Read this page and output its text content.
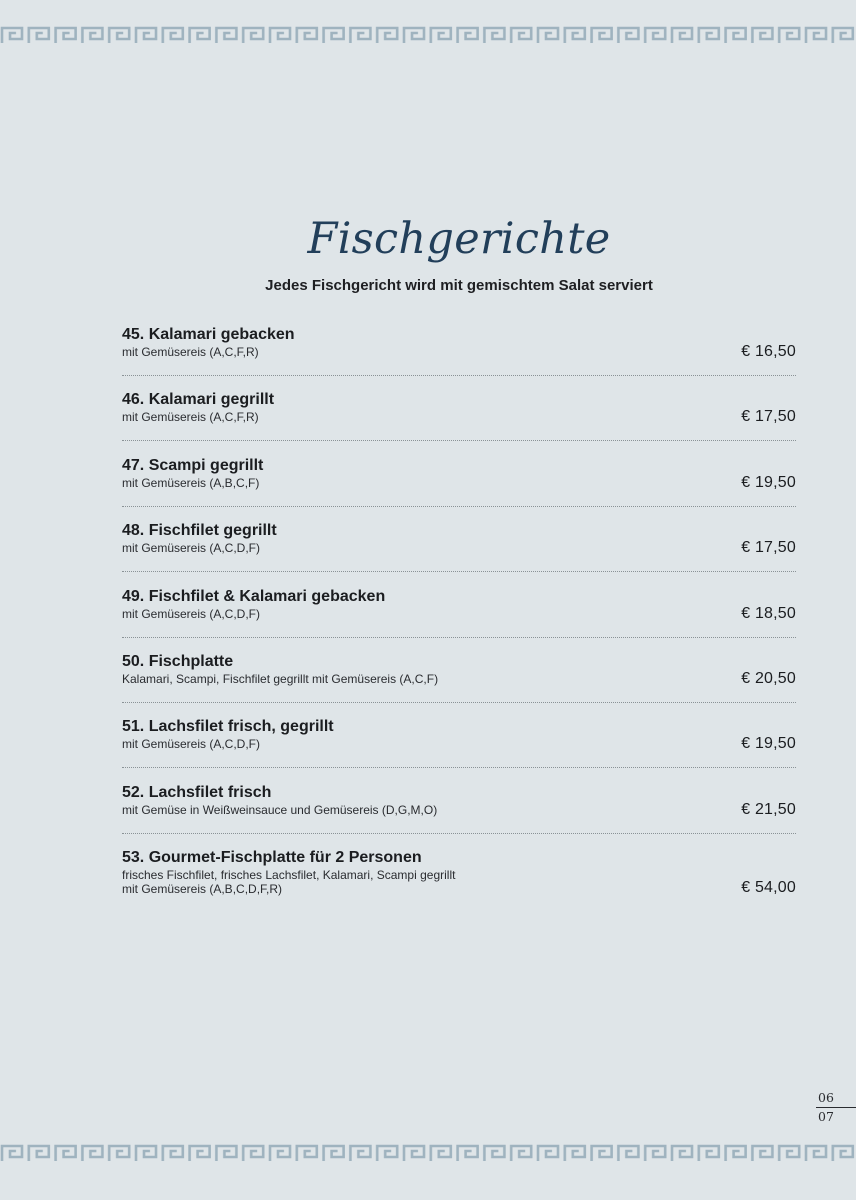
Fischgerichte

Jedes Fischgericht wird mit gemischtem Salat serviert

45. Kalamari gebacken
mit Gemüsereis (A,C,F,R)	€ 16,50
46. Kalamari gegrillt
mit Gemüsereis (A,C,F,R)	€ 17,50
47. Scampi gegrillt
mit Gemüsereis (A,B,C,F)	€ 19,50
48. Fischfilet gegrillt
mit Gemüsereis (A,C,D,F)	€ 17,50
49. Fischfilet & Kalamari gebacken
mit Gemüsereis (A,C,D,F)	€ 18,50
50. Fischplatte
Kalamari, Scampi, Fischfilet gegrillt mit Gemüsereis (A,C,F)	€ 20,50
51. Lachsfilet frisch, gegrillt
mit Gemüsereis (A,C,D,F)	€ 19,50
52. Lachsfilet frisch
mit Gemüse in Weißweinsauce und Gemüsereis (D,G,M,O)	€ 21,50
53. Gourmet-Fischplatte für 2 Personen
frisches Fischfilet, frisches Lachsfilet, Kalamari, Scampi gegrillt
mit Gemüsereis (A,B,C,D,F,R)	€ 54,00
06
07
